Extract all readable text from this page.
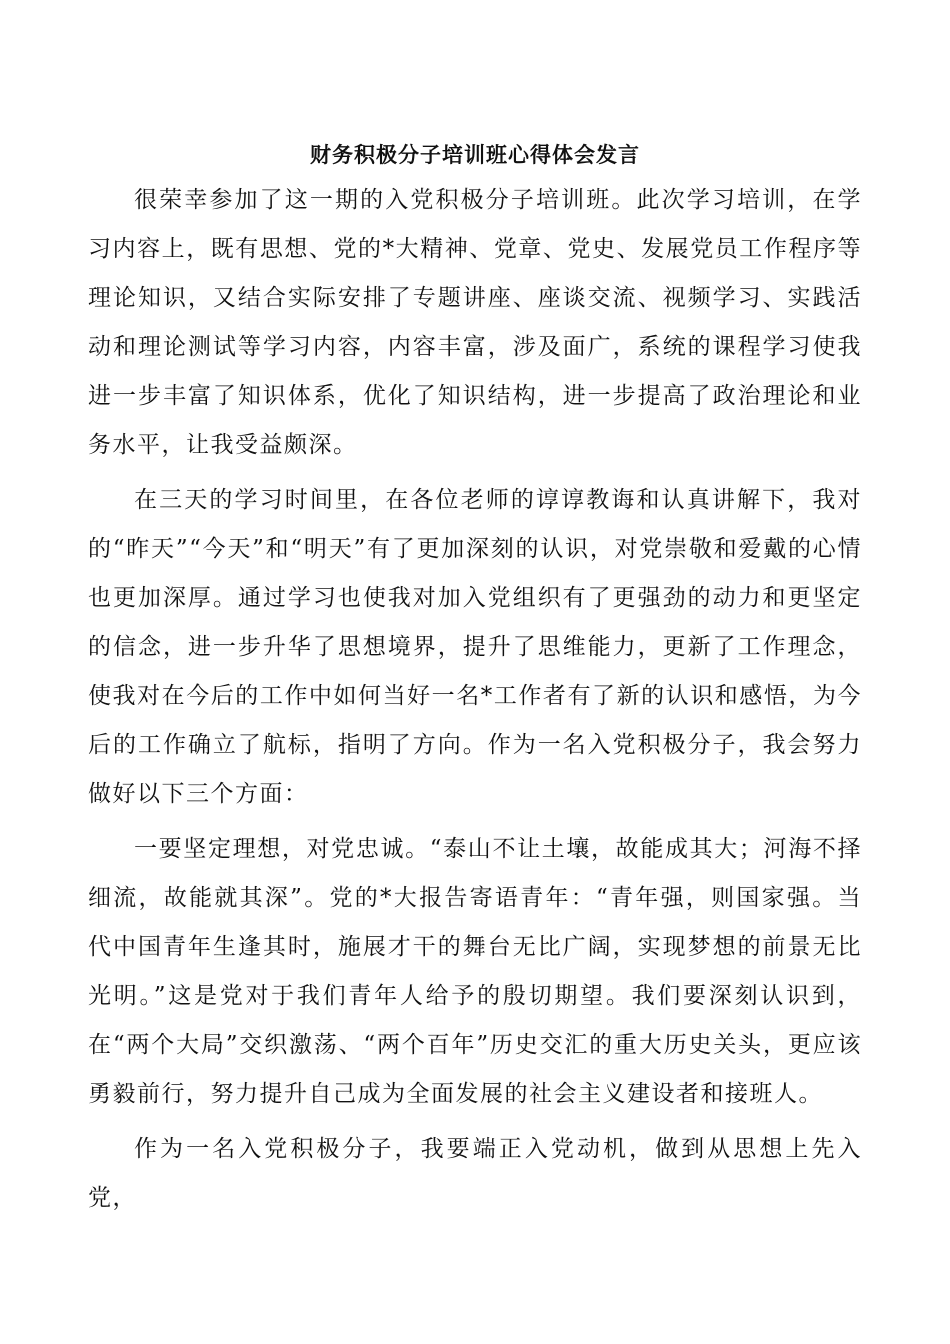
财务积极分子培训班心得体会发言

很荣幸参加了这一期的入党积极分子培训班。此次学习培训，在学习内容上，既有思想、党的*大精神、党章、党史、发展党员工作程序等理论知识，又结合实际安排了专题讲座、座谈交流、视频学习、实践活动和理论测试等学习内容，内容丰富，涉及面广，系统的课程学习使我进一步丰富了知识体系，优化了知识结构，进一步提高了政治理论和业务水平，让我受益颇深。

在三天的学习时间里，在各位老师的谆谆教诲和认真讲解下，我对的“昨天”“今天”和“明天”有了更加深刻的认识，对党崇敬和爱戴的心情也更加深厚。通过学习也使我对加入党组织有了更强劲的动力和更坚定的信念，进一步升华了思想境界，提升了思维能力，更新了工作理念，使我对在今后的工作中如何当好一名*工作者有了新的认识和感悟，为今后的工作确立了航标，指明了方向。作为一名入党积极分子，我会努力做好以下三个方面：

一要坚定理想，对党忠诚。“泰山不让土壤，故能成其大；河海不择细流，故能就其深”。党的*大报告寄语青年：“青年强，则国家强。当代中国青年生逢其时，施展才干的舞台无比广阔，实现梦想的前景无比光明。”这是党对于我们青年人给予的殷切期望。我们要深刻认识到，在“两个大局”交织激荡、“两个百年”历史交汇的重大历史关头，更应该勇毅前行，努力提升自己成为全面发展的社会主义建设者和接班人。

作为一名入党积极分子，我要端正入党动机，做到从思想上先入党，
